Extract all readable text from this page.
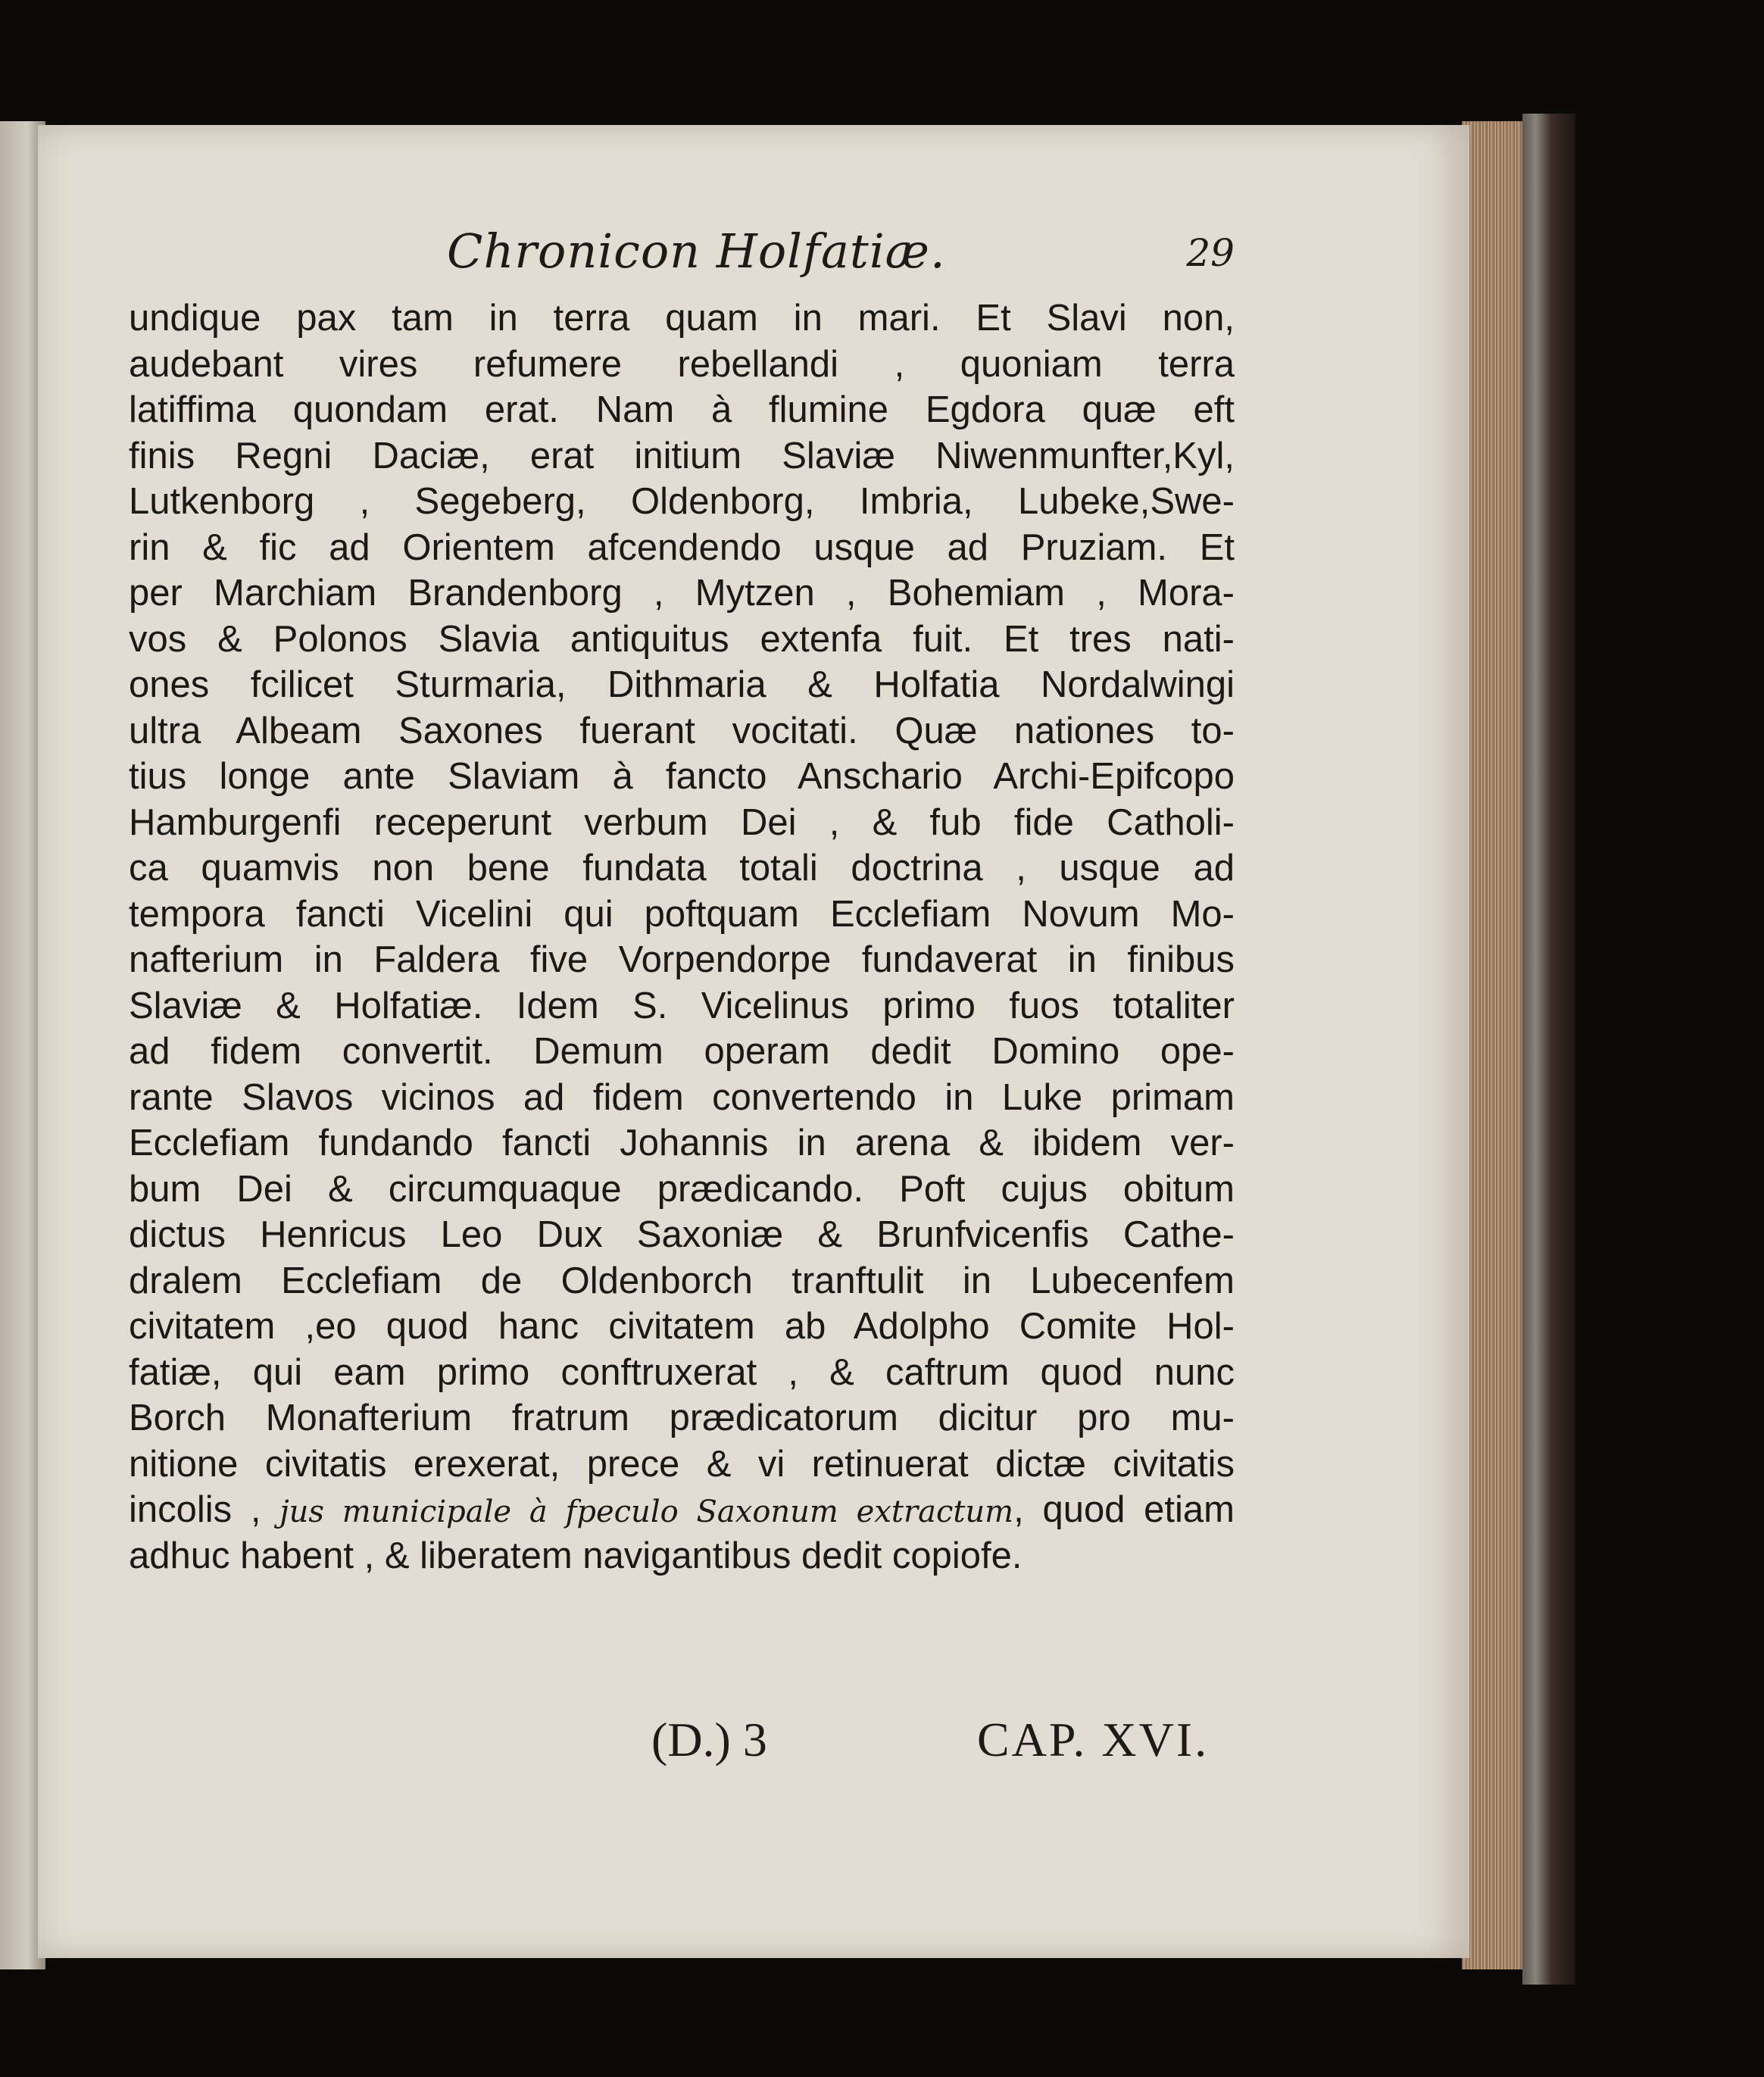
Chronicon Holfatiæ.	29
undique pax tam in terra quam in mari. Et Slavi non,
audebant vires refumere rebellandi , quoniam terra
latiffima quondam erat. Nam à flumine Egdora quæ eft
finis Regni Daciæ, erat initium Slaviæ Niwenmunfter,Kyl,
Lutkenborg , Segeberg, Oldenborg, Imbria, Lubeke,Swe-
rin & fic ad Orientem afcendendo usque ad Pruziam. Et
per Marchiam Brandenborg , Mytzen , Bohemiam , Mora-
vos & Polonos Slavia antiquitus extenfa fuit. Et tres nati-
ones fcilicet Sturmaria, Dithmaria & Holfatia Nordalwingi
ultra Albeam Saxones fuerant vocitati. Quæ nationes to-
tius longe ante Slaviam à fancto Anschario Archi-Epifcopo
Hamburgenfi receperunt verbum Dei , & fub fide Catholi-
ca quamvis non bene fundata totali doctrina , usque ad
tempora fancti Vicelini qui poftquam Ecclefiam Novum Mo-
nafterium in Faldera five Vorpendorpe fundaverat in finibus
Slaviæ & Holfatiæ. Idem S. Vicelinus primo fuos totaliter
ad fidem convertit. Demum operam dedit Domino ope-
rante Slavos vicinos ad fidem convertendo in Luke primam
Ecclefiam fundando fancti Johannis in arena & ibidem ver-
bum Dei & circumquaque prædicando. Poft cujus obitum
dictus Henricus Leo Dux Saxoniæ & Brunfvicenfis Cathe-
dralem Ecclefiam de Oldenborch tranftulit in Lubecenfem
civitatem ,eo quod hanc civitatem ab Adolpho Comite Hol-
fatiæ, qui eam primo conftruxerat , & caftrum quod nunc
Borch Monafterium fratrum prædicatorum dicitur pro mu-
nitione civitatis erexerat, prece & vi retinuerat dictæ civitatis
incolis , jus municipale à fpeculo Saxonum extractum, quod etiam
adhuc habent , & liberatem navigantibus dedit copiofe.
(D.) 3	CAP. XVI.
